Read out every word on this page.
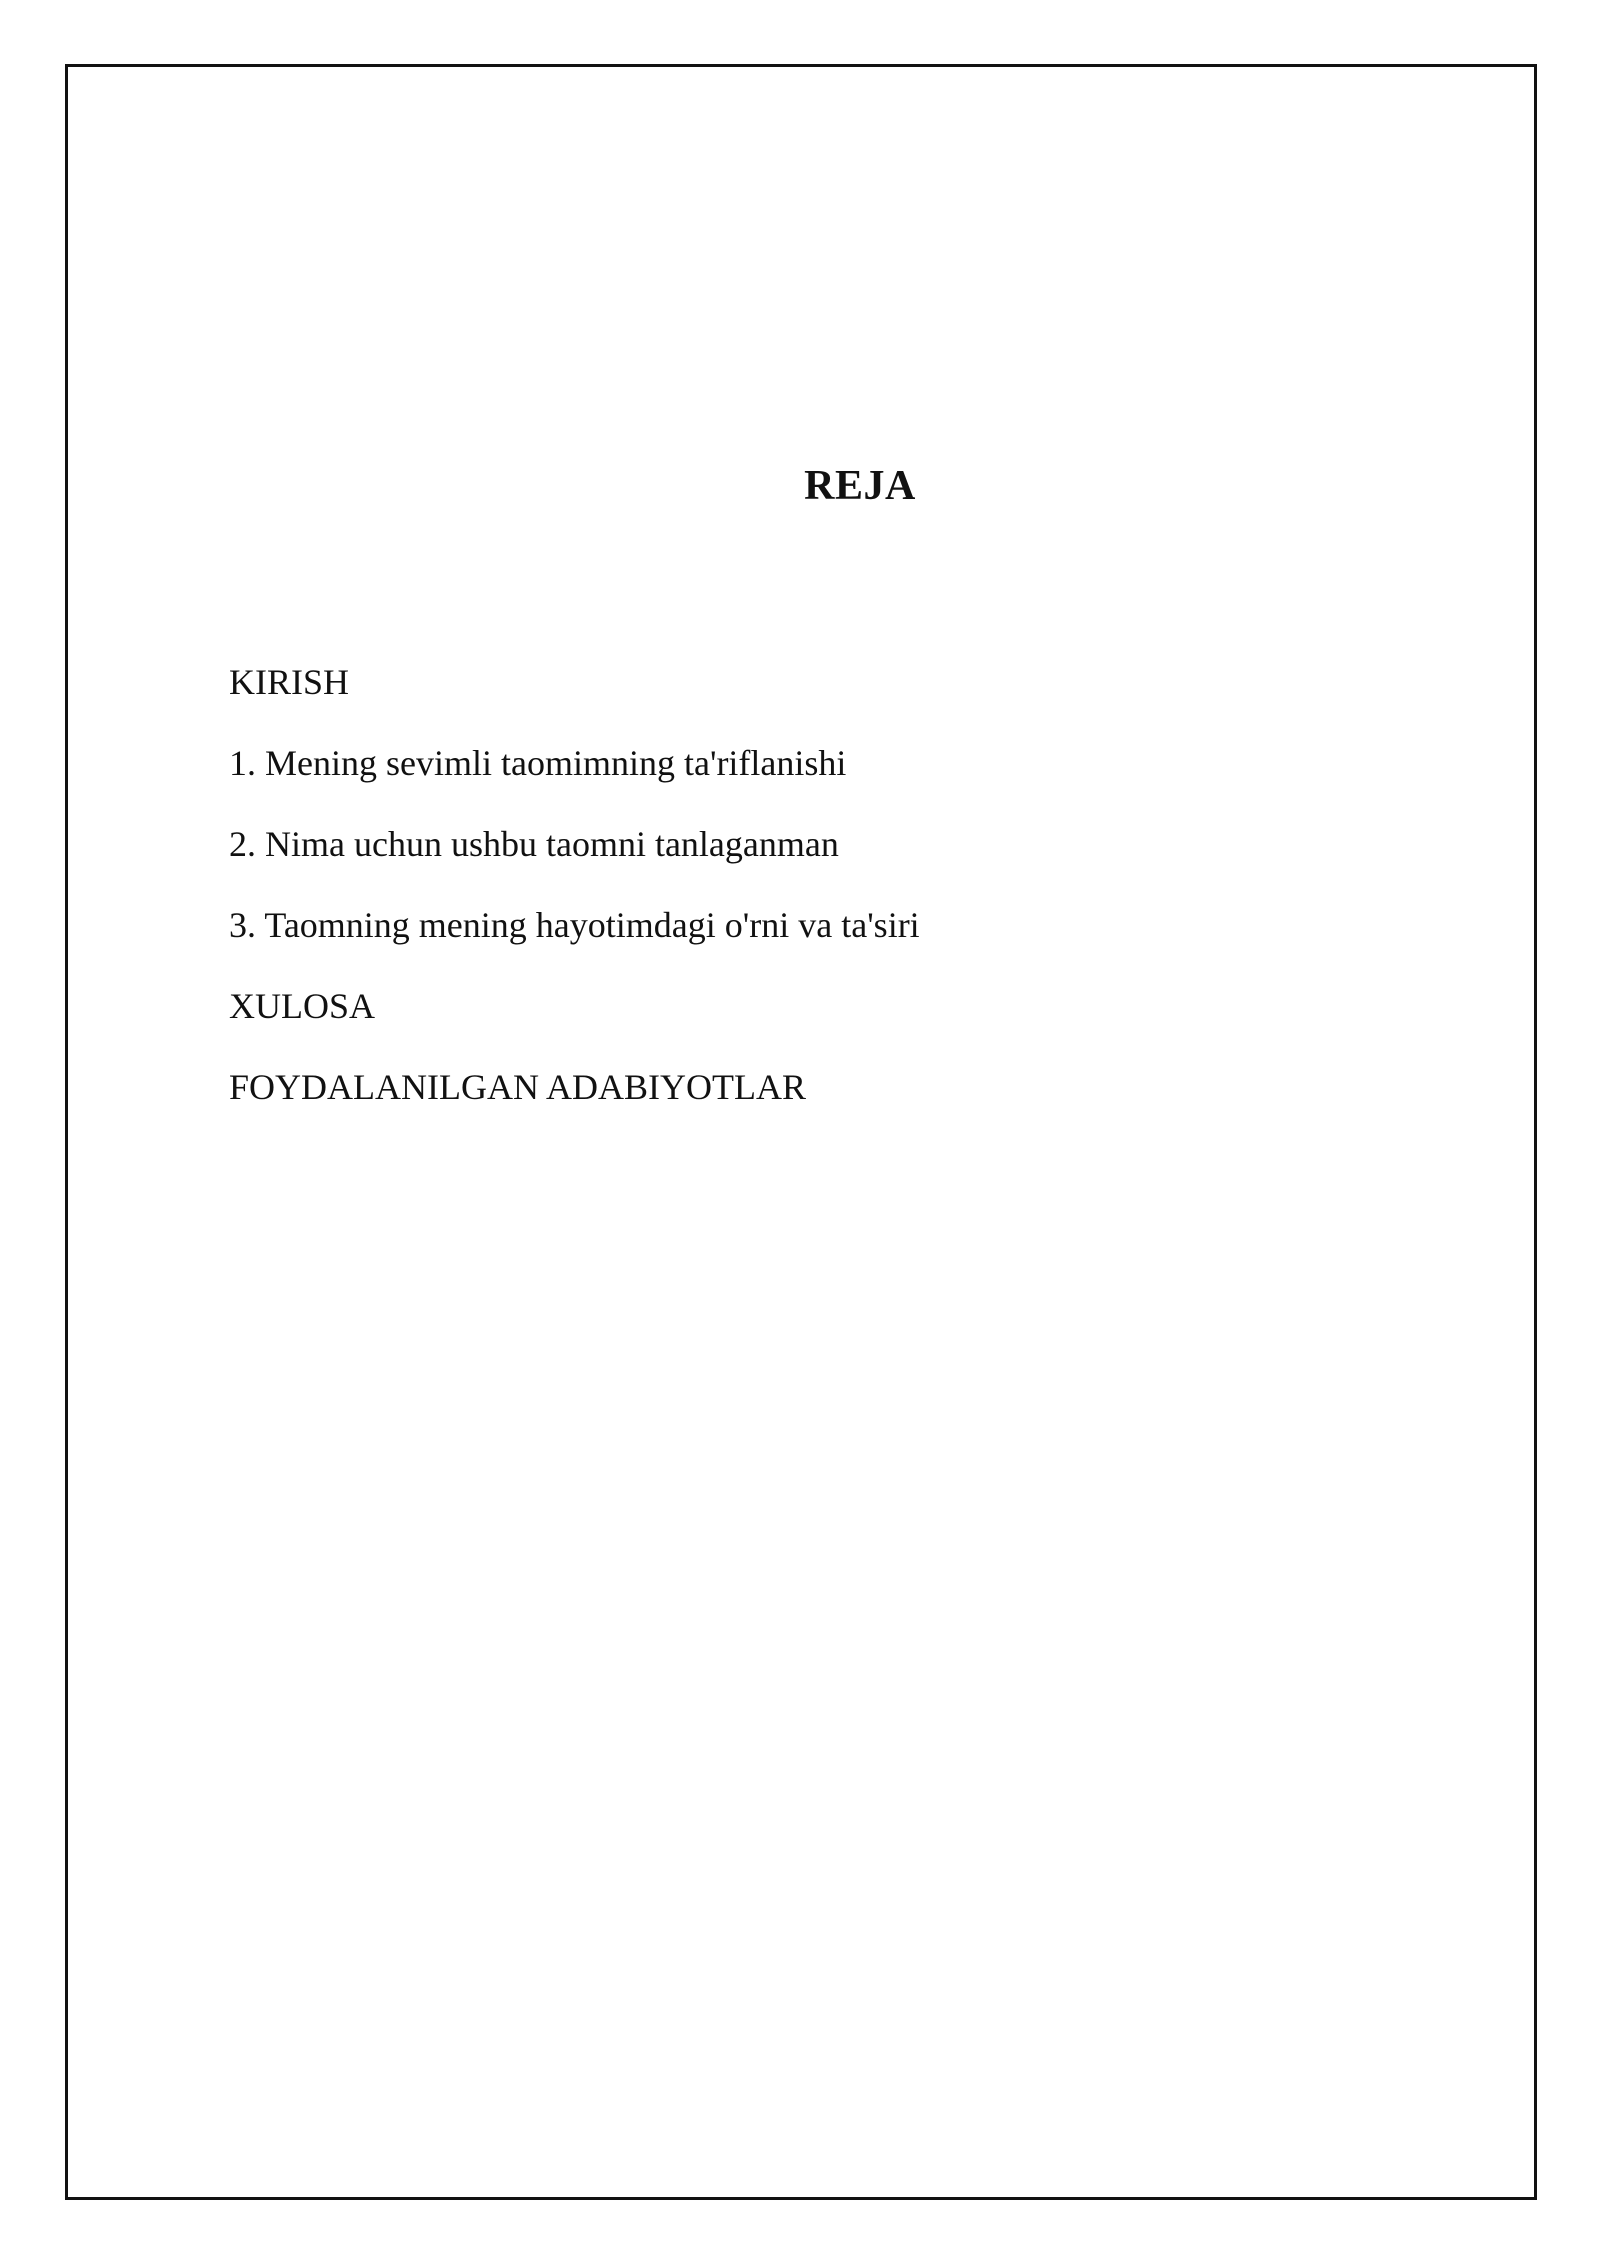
REJA
KIRISH
1. Mening sevimli taomimning ta'riflanishi
2. Nima uchun ushbu taomni tanlaganman
3. Taomning mening hayotimdagi o'rni va ta'siri
XULOSA
FOYDALANILGAN ADABIYOTLAR
